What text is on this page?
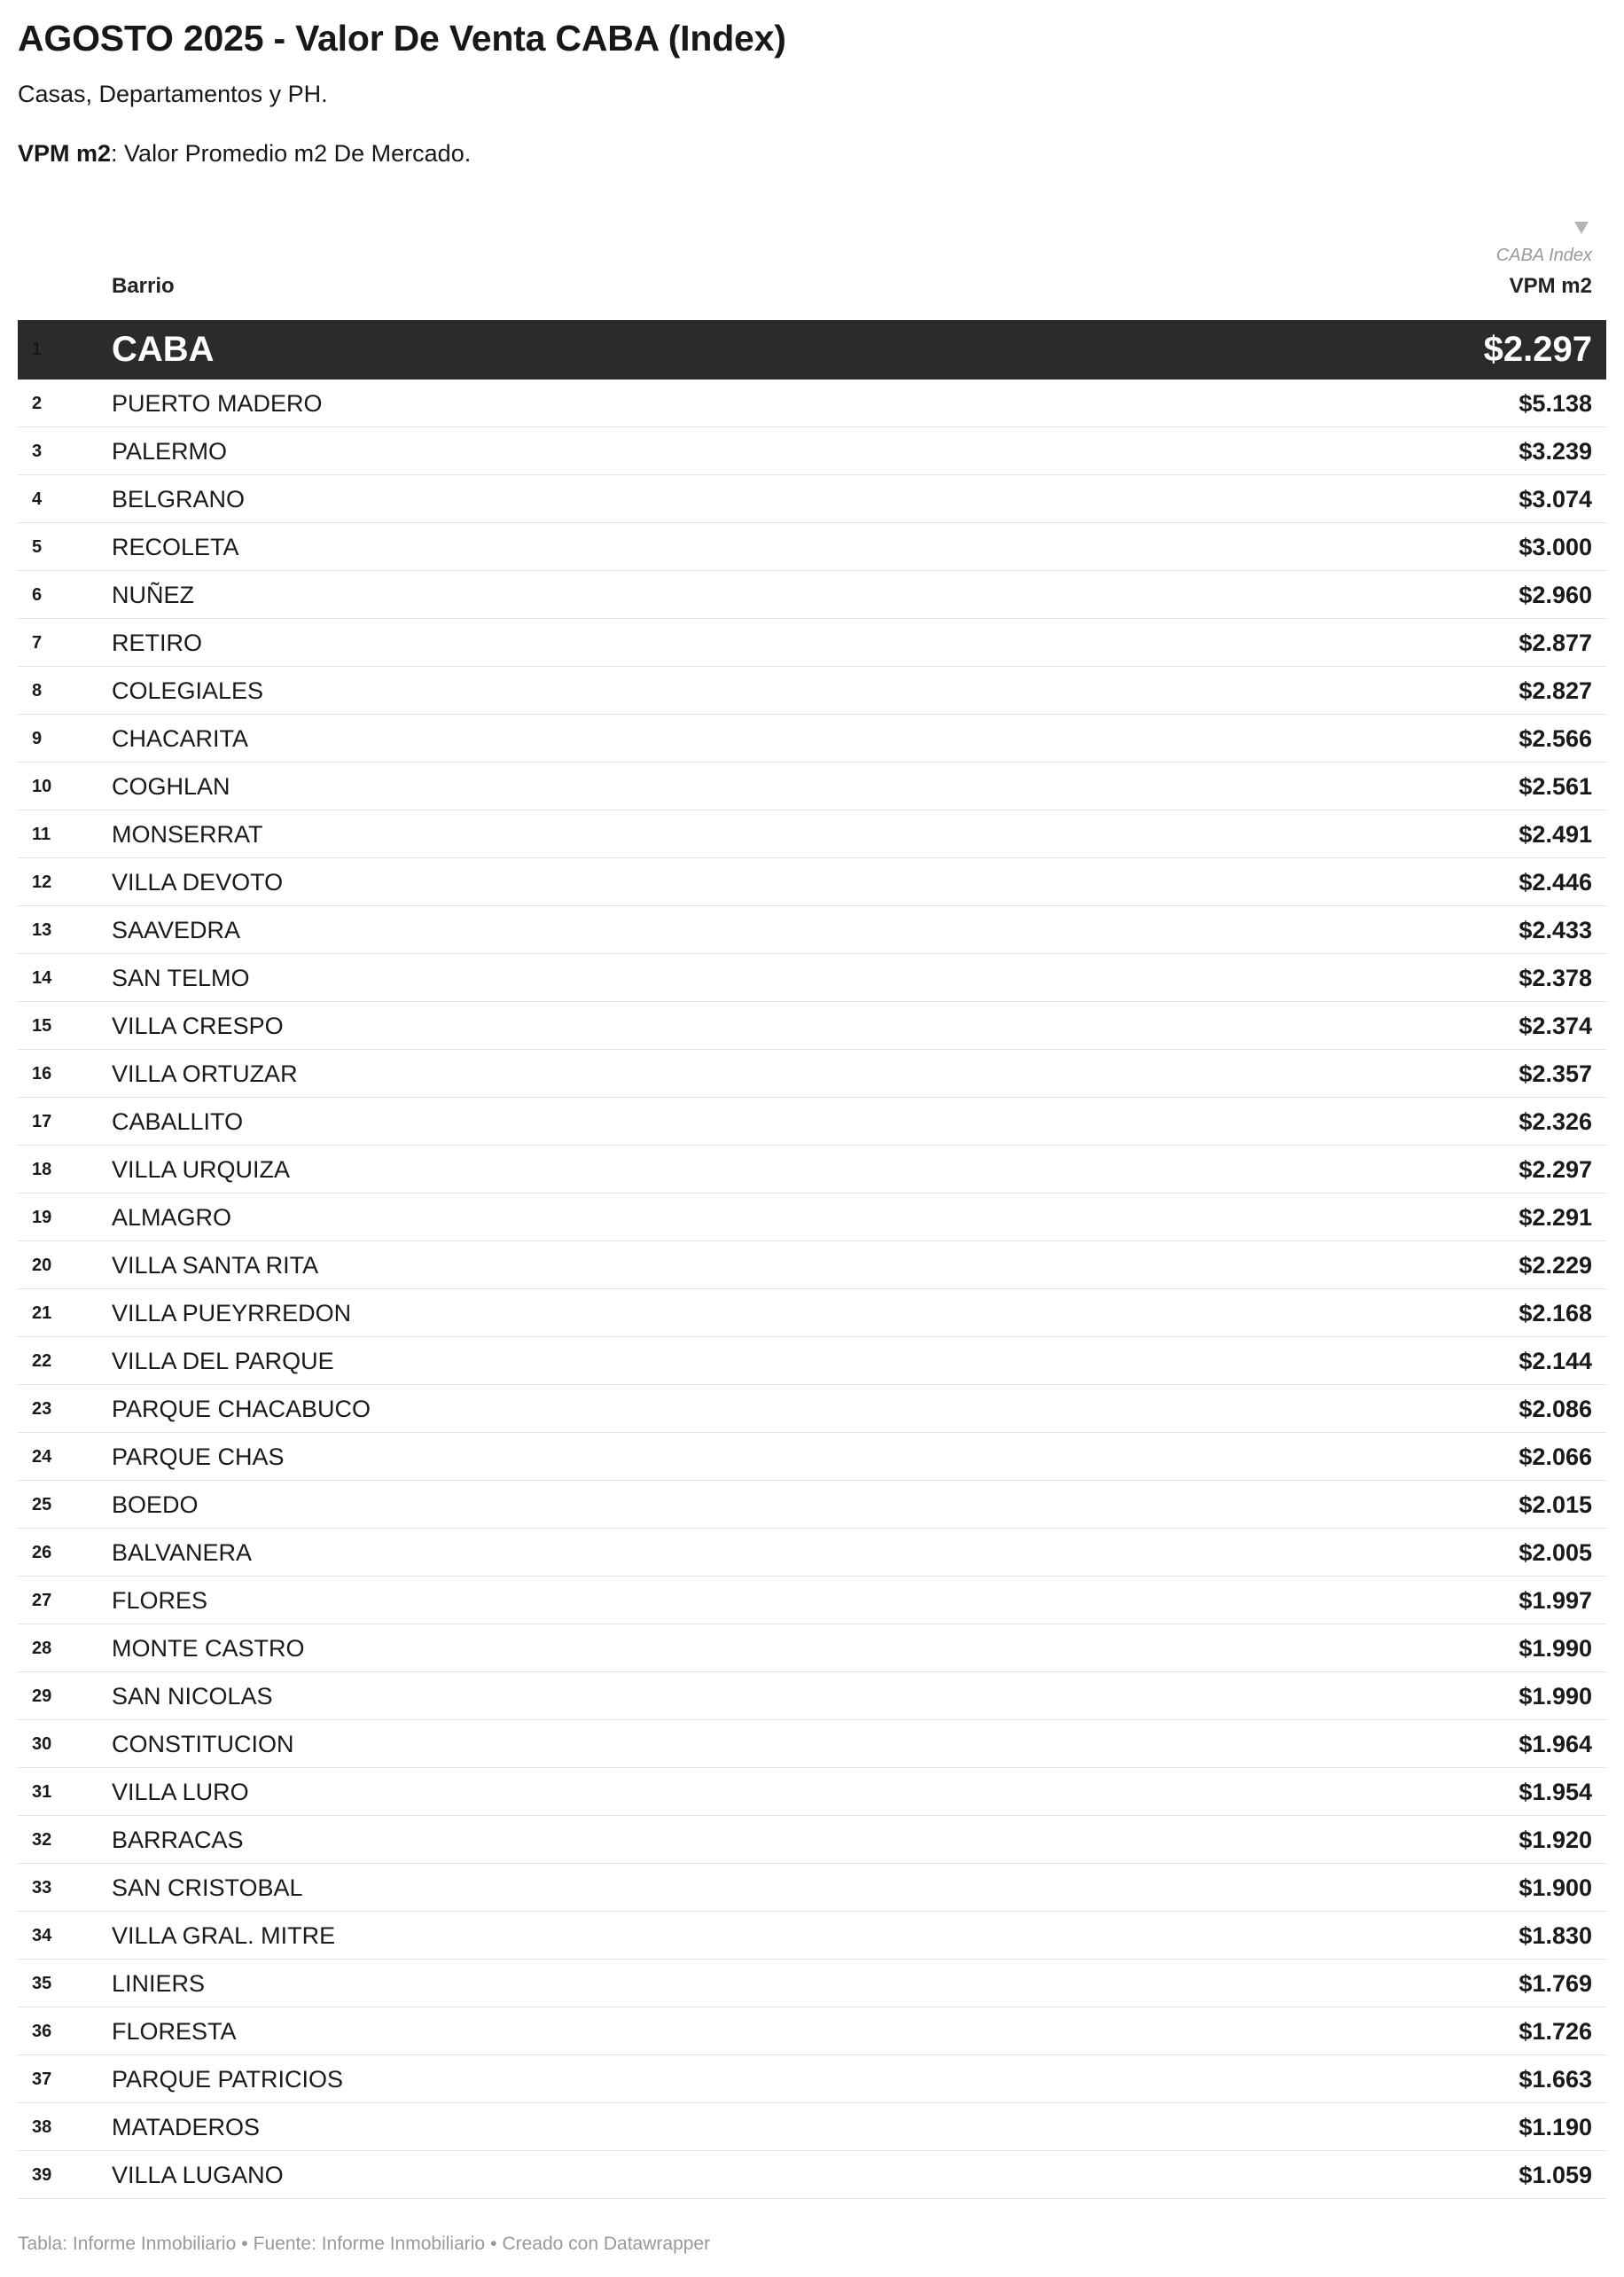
AGOSTO 2025 - Valor De Venta CABA (Index)
Casas, Departamentos y PH.
VPM m2: Valor Promedio m2 De Mercado.
CABA Index
Barrio	VPM m2
1 CABA	$2.297
2	PUERTO MADERO	$5.138
3	PALERMO	$3.239
4	BELGRANO	$3.074
5	RECOLETA	$3.000
6	NUÑEZ	$2.960
7	RETIRO	$2.877
8	COLEGIALES	$2.827
9	CHACARITA	$2.566
10	COGHLAN	$2.561
11	MONSERRAT	$2.491
12	VILLA DEVOTO	$2.446
13	SAAVEDRA	$2.433
14	SAN TELMO	$2.378
15	VILLA CRESPO	$2.374
16	VILLA ORTUZAR	$2.357
17	CABALLITO	$2.326
18	VILLA URQUIZA	$2.297
19	ALMAGRO	$2.291
20	VILLA SANTA RITA	$2.229
21	VILLA PUEYRREDON	$2.168
22	VILLA DEL PARQUE	$2.144
23	PARQUE CHACABUCO	$2.086
24	PARQUE CHAS	$2.066
25	BOEDO	$2.015
26	BALVANERA	$2.005
27	FLORES	$1.997
28	MONTE CASTRO	$1.990
29	SAN NICOLAS	$1.990
30	CONSTITUCION	$1.964
31	VILLA LURO	$1.954
32	BARRACAS	$1.920
33	SAN CRISTOBAL	$1.900
34	VILLA GRAL. MITRE	$1.830
35	LINIERS	$1.769
36	FLORESTA	$1.726
37	PARQUE PATRICIOS	$1.663
38	MATADEROS	$1.190
39	VILLA LUGANO	$1.059
Tabla: Informe Inmobiliario • Fuente: Informe Inmobiliario • Creado con Datawrapper
